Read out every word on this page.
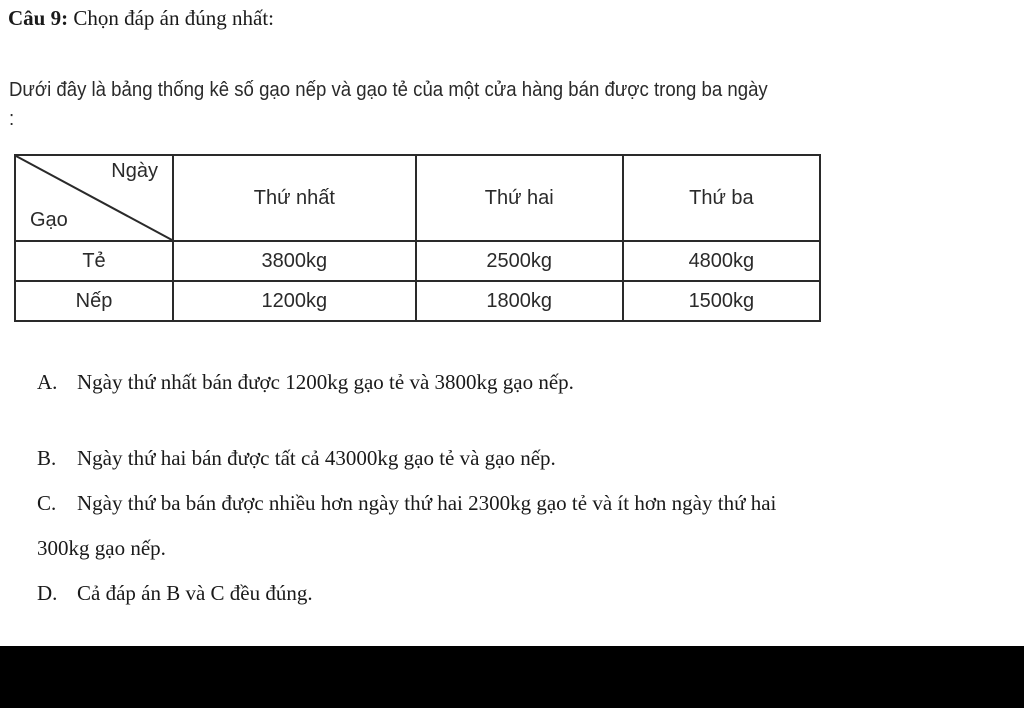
Câu 9: Chọn đáp án đúng nhất:
Dưới đây là bảng thống kê số gạo nếp và gạo tẻ của một cửa hàng bán được trong ba ngày :
Ngày
Gạo	Thứ nhất	Thứ hai	Thứ ba
Tẻ	3800kg	2500kg	4800kg
Nếp	1200kg	1800kg	1500kg
A. Ngày thứ nhất bán được 1200kg gạo tẻ và 3800kg gạo nếp.
B. Ngày thứ hai bán được tất cả 43000kg gạo tẻ và gạo nếp.
C. Ngày thứ ba bán được nhiều hơn ngày thứ hai 2300kg gạo tẻ và ít hơn ngày thứ hai
300kg gạo nếp.
D. Cả đáp án B và C đều đúng.
